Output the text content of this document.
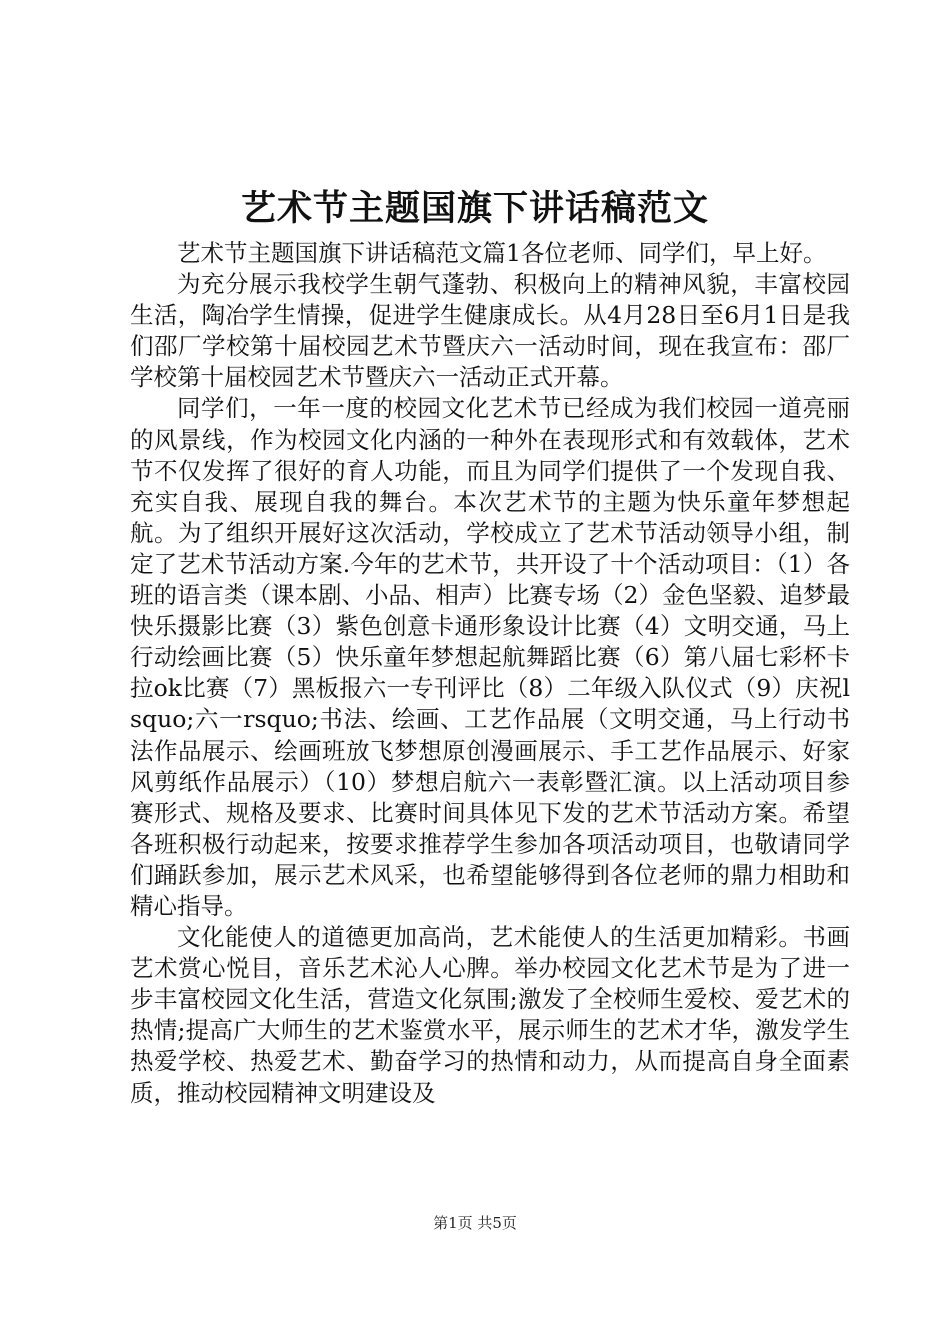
艺术节主题国旗下讲话稿范文

艺术节主题国旗下讲话稿范文篇1各位老师、同学们，早上好。

为充分展示我校学生朝气蓬勃、积极向上的精神风貌，丰富校园生活，陶冶学生情操，促进学生健康成长。从4月28日至6月1日是我们邵厂学校第十届校园艺术节暨庆六一活动时间，现在我宣布：邵厂学校第十届校园艺术节暨庆六一活动正式开幕。

同学们，一年一度的校园文化艺术节已经成为我们校园一道亮丽的风景线，作为校园文化内涵的一种外在表现形式和有效载体，艺术节不仅发挥了很好的育人功能，而且为同学们提供了一个发现自我、充实自我、展现自我的舞台。本次艺术节的主题为快乐童年梦想起航。为了组织开展好这次活动，学校成立了艺术节活动领导小组，制定了艺术节活动方案.今年的艺术节，共开设了十个活动项目：（1）各班的语言类（课本剧、小品、相声）比赛专场（2）金色坚毅、追梦最快乐摄影比赛（3）紫色创意卡通形象设计比赛（4）文明交通，马上行动绘画比赛（5）快乐童年梦想起航舞蹈比赛（6）第八届七彩杯卡拉ok比赛（7）黑板报六一专刊评比（8）二年级入队仪式（9）庆祝lsquo;六一rsquo;书法、绘画、工艺作品展（文明交通，马上行动书法作品展示、绘画班放飞梦想原创漫画展示、手工艺作品展示、好家风剪纸作品展示）（10）梦想启航六一表彰暨汇演。以上活动项目参赛形式、规格及要求、比赛时间具体见下发的艺术节活动方案。希望各班积极行动起来，按要求推荐学生参加各项活动项目，也敬请同学们踊跃参加，展示艺术风采，也希望能够得到各位老师的鼎力相助和精心指导。

文化能使人的道德更加高尚，艺术能使人的生活更加精彩。书画艺术赏心悦目，音乐艺术沁人心脾。举办校园文化艺术节是为了进一步丰富校园文化生活，营造文化氛围;激发了全校师生爱校、爱艺术的热情;提高广大师生的艺术鉴赏水平，展示师生的艺术才华，激发学生热爱学校、热爱艺术、勤奋学习的热情和动力，从而提高自身全面素质，推动校园精神文明建设及

第1页 共5页
